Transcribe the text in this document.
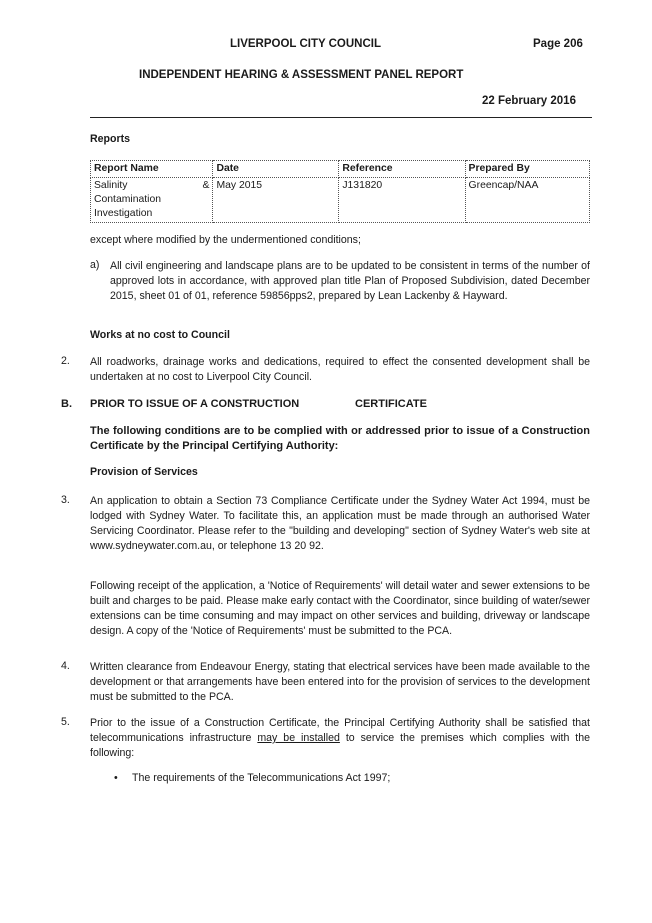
LIVERPOOL CITY COUNCIL	Page 206
INDEPENDENT HEARING & ASSESSMENT PANEL REPORT
22 February 2016
Reports
Report Name	Date	Reference	Prepared By

Salinity &
Contamination
Investigation	May 2015	J131820	Greencap/NAA
except where modified by the undermentioned conditions;
a) All civil engineering and landscape plans are to be updated to be consistent in terms of the number of approved lots in accordance, with approved plan title Plan of Proposed Subdivision, dated December 2015, sheet 01 of 01, reference 59856pps2, prepared by Lean Lackenby & Hayward.
Works at no cost to Council
2. All roadworks, drainage works and dedications, required to effect the consented development shall be undertaken at no cost to Liverpool City Council.
B. PRIOR TO ISSUE OF A CONSTRUCTION	CERTIFICATE
The following conditions are to be complied with or addressed prior to issue of a Construction Certificate by the Principal Certifying Authority:
Provision of Services
3. An application to obtain a Section 73 Compliance Certificate under the Sydney Water Act 1994, must be lodged with Sydney Water. To facilitate this, an application must be made through an authorised Water Servicing Coordinator. Please refer to the "building and developing" section of Sydney Water's web site at www.sydneywater.com.au, or telephone 13 20 92.
Following receipt of the application, a 'Notice of Requirements' will detail water and sewer extensions to be built and charges to be paid. Please make early contact with the Coordinator, since building of water/sewer extensions can be time consuming and may impact on other services and building, driveway or landscape design. A copy of the 'Notice of Requirements' must be submitted to the PCA.
4. Written clearance from Endeavour Energy, stating that electrical services have been made available to the development or that arrangements have been entered into for the provision of services to the development must be submitted to the PCA.
5. Prior to the issue of a Construction Certificate, the Principal Certifying Authority shall be satisfied that telecommunications infrastructure may be installed to service the premises which complies with the following:
• The requirements of the Telecommunications Act 1997;
